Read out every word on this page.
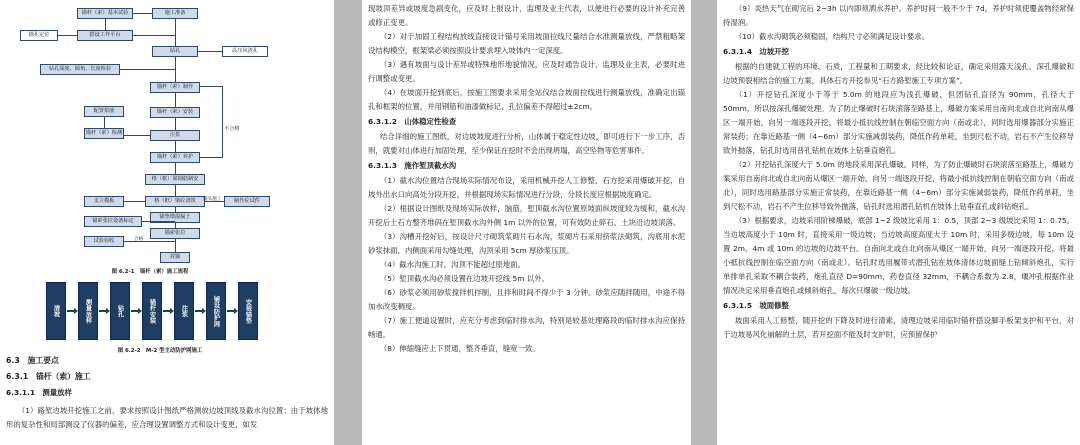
锚杆（索）基本试验	施工准备
锚孔定位	搭设工作平台
钻孔	高压风清孔
钻孔深度、倾角、长度检验
锚杆（索）制作
锚杆（索）安装
配置浆液
注浆
锚杆（索）检测
锚杆（索）养护
不合格
格（框）梁钢筋制安
支立模板	格（框）梁砼浇筑	制作砼试件
锚头施工
锚索张拉设备标定
锚垫墩混凝土
锚索张拉
封锚
试验验收	合格
图 6.2-1　锚杆（索）施工流程
清坡	测量放样	钻孔	锚杆安装	注浆	铺设防护网	安装锚垫
图 6.2-2　M-2 型主动防护网施工
6.3　施工要点
6.3.1　锚杆（索）施工
6.3.1.1　测量放样
（1）路堑边坡开挖施工之前，要求按照设计图纸严格测放边坡顶线及截水沟位置；由于坡体地形的复杂性和局部测设了仪器的偏差，应合理设置调整方式和设计变更，如发
现坡顶差异或坡度急剧变化，应及时上报设计、监理及业主代表，以便进行必要的设计补充完善或修正变更。
（2）对于加固工程结构放线直接设计锚号采用坡面拉线尺量结合水准测量放线，严禁粗略架设结构模空，框架梁必须按照设计要求埋入坡体内一定深度。
（3）遇有坡面与设计差异或特殊地形地貌情况，应及时通告设计、监理及业主表，必要时进行调整或变更。
（4）在坡面开挖到底后，按施工图要求采用全站仪结合坡面拉线进行测量放线，准确定出锚孔和框架的位置，并用钢筋和油漆做标记，孔位偏差不得超过±2cm。
6.3.1.2　山体稳定性检查
结合详细的施工图纸，对边坡坡度进行分析，山体属于稳定性边坡，即可进行下一步工序，否则，就要对山体进行加固处理，至少保证在挖时不会出现坍塌，高空坠物等危害事件。
6.3.1.3　施作堑顶截水沟
（1）截水沟位置结合现场实际情况布设，采用机械开挖人工修整，石方挖采用爆破开挖，自坡外出水口向高处分段开挖，并根据现场实际情况进行分段，分段长度应根据坡度确定。
（2）根据设计图纸及现场实际放样，脑筋，堑顶截水沟位置原坡面纵坡度较为缓和，截水沟开挖后土石方整齐堆码在堑顶截水沟外侧 1m 以外的位置，可有效防止碎石、土块沿边坡滚落。
（3）沟槽开挖好后，按设计尺寸砌筑浆砌片石水沟，浆砌片石采用挤浆法砌筑，沟底用水泥砂浆抹面，内侧面采用勾缝处理，沟顶采用 5cm 厚砂浆压顶。
（4）截水沟施工时，沟顶不能超过原地面。
（5）堑顶截水沟必须设置在边坡开挖线 5m 以外。
（6）砂浆必须用砂浆搅拌机拌制，且拌和时间不得少于 3 分钟。砂浆应随拌随用，中途不得加水改变稠度。
（7）施工便道设置时，应充分考虑到临时排水沟，特别是较基处理路段的临时排水沟应保持畅通。
（8）伸缩缝应上下贯通，整齐垂直，缝宽一致。
（9）炎热天气在砌完后 2~3h 以内即须洒水养护。养护时间一般不少于 7d，养护时须使覆盖物经常保持湿润。
（10）截水沟砌筑必须稳固，结构尺寸必须满足设计要求。
6.3.1.4　边坡开挖
根据的自建就工程的环境、石质，工程量和工期要求，经比较和论证，确定采用露天浅孔、深孔爆破和边坡预裂相结合的施工方案，具体石方开挖参见“石方路堑施工专项方案”。
（1）开挖钻孔深度小于等于 5.0m 的地段应为浅孔爆破，但团钻孔直径为 90mm，孔径大于 50mm，所以按深孔爆破处理。为了防止爆破时石块滚落至路基上，爆破方案采用自南向北或自北向南从爆区一端开始，向另一端逐段开挖，将最小抵抗线控制在朝临空面方向（南或北），同时选用爆器部分实施正常装药；在靠近路基一侧（4~6m）部分实施减弱装药，降低作药单耗，坐到尺松不动，岩石不产生位移导致外抛落，钻孔时选用普孔钻机在坡体上钻垂直炮孔。
（2）开挖钻孔深度大于 5.0m 的地段采用深孔爆破。同样，为了防止爆破时石块滚落至路基上，爆破方案采用自南向北或自北向南从爆区一端开始，向另一端逐段开挖，将最小抵抗线控制在朝临空面方向（南或北），同时选用路基部分实施正常装药，在靠近路基一侧（4~6m）部分实施减弱装药，降低作药单耗，坐到尺松不动，岩石不产生位移导致外抛落，钻孔时选用潜孔钻机在坡体上钻垂直孔或斜钻炮孔。
（3）根据要求，边坡采用阶梯爆破，底部 1~2 级坡比采用 1：0.5，顶部 2~3 级坡比采用 1：0.75。当边坡高度小于 10m 时，直接采用一级边坡；当边坡高度高度大于 10m 时，采用多级边坡，每 10m 设置 2m、4m 或 10m 的边坡的边坡平台。自南向北或自北向南从爆区一端开始，向另一端逐段开挖，将最小抵抗线控制在临空面方向（南或北）。钻孔时选用履带式潜孔钻在坡体清体边坡面缝上钻倾斜炮孔，实行单排单孔采取不耦合装药，炮孔直径 D=90mm，药卷直径 32mm，不耦合系数为 2.8，堰冲孔根据作业情况决定采用垂直炮孔或倾斜炮孔，每次只爆破一级边坡。
6.3.1.5　坡面修整
坡面采用人工修整，随开挖的下降及时进行清素，清理边坡采用临时锚杆搭设脚手板架支护和平台，对于边坡易风化崩解的土层，若开挖面不能及时支护时，应预留保护
